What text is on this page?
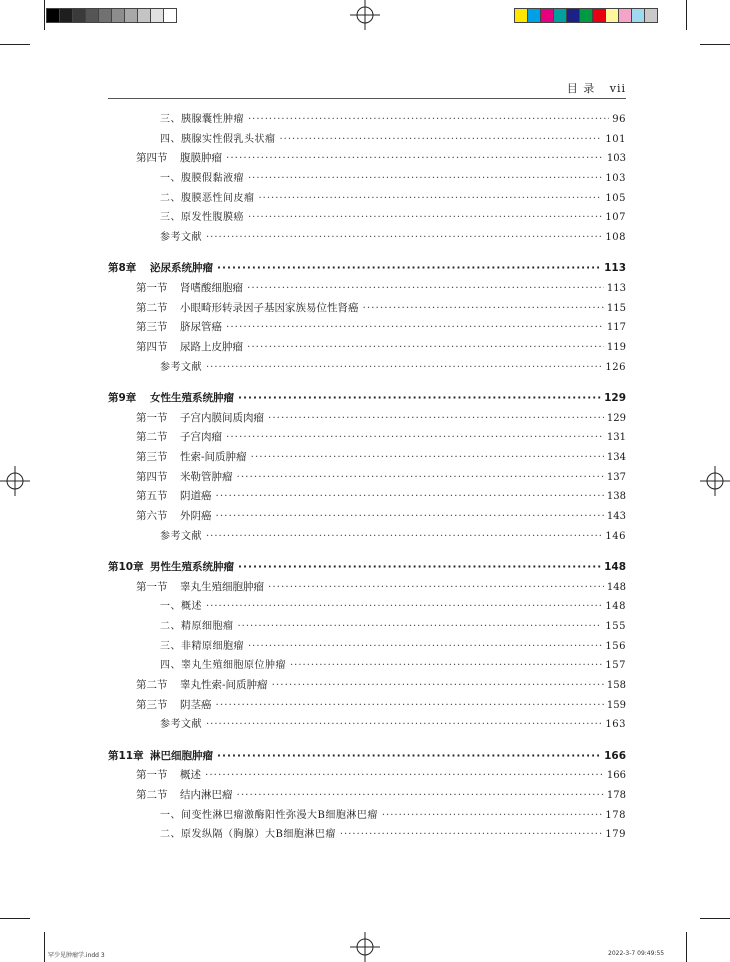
目 录 vii
三、胰腺囊性肿瘤 ·····	96
四、胰腺实性假乳头状瘤 ·····	101
第四节 腹膜肿瘤 ·····	103
一、腹膜假黏液瘤 ·····	103
二、腹膜恶性间皮瘤 ·····	105
三、原发性腹膜癌 ·····	107
参考文献 ·····	108
第8章 泌尿系统肿瘤 ·····	113
第一节 肾嗜酸细胞瘤 ·····	113
第二节 小眼畸形转录因子基因家族易位性肾癌 ·····	115
第三节 脐尿管癌 ·····	117
第四节 尿路上皮肿瘤 ·····	119
参考文献 ·····	126
第9章 女性生殖系统肿瘤 ·····	129
第一节 子宫内膜间质肉瘤 ·····	129
第二节 子宫肉瘤 ·····	131
第三节 性索-间质肿瘤 ·····	134
第四节 米勒管肿瘤 ·····	137
第五节 阴道癌 ·····	138
第六节 外阴癌 ·····	143
参考文献 ·····	146
第10章 男性生殖系统肿瘤 ·····	148
第一节 睾丸生殖细胞肿瘤 ·····	148
一、概述 ·····	148
二、精原细胞瘤 ·····	155
三、非精原细胞瘤 ·····	156
四、睾丸生殖细胞原位肿瘤 ·····	157
第二节 睾丸性索-间质肿瘤 ·····	158
第三节 阴茎癌 ·····	159
参考文献 ·····	163
第11章 淋巴细胞肿瘤 ·····	166
第一节 概述 ·····	166
第二节 结内淋巴瘤 ·····	178
一、间变性淋巴瘤激酶阳性弥漫大B细胞淋巴瘤 ·····	178
二、原发纵隔（胸腺）大B细胞淋巴瘤 ·····	179
罕少见肿瘤学.indd 3	2022-3-7 09:49:55
